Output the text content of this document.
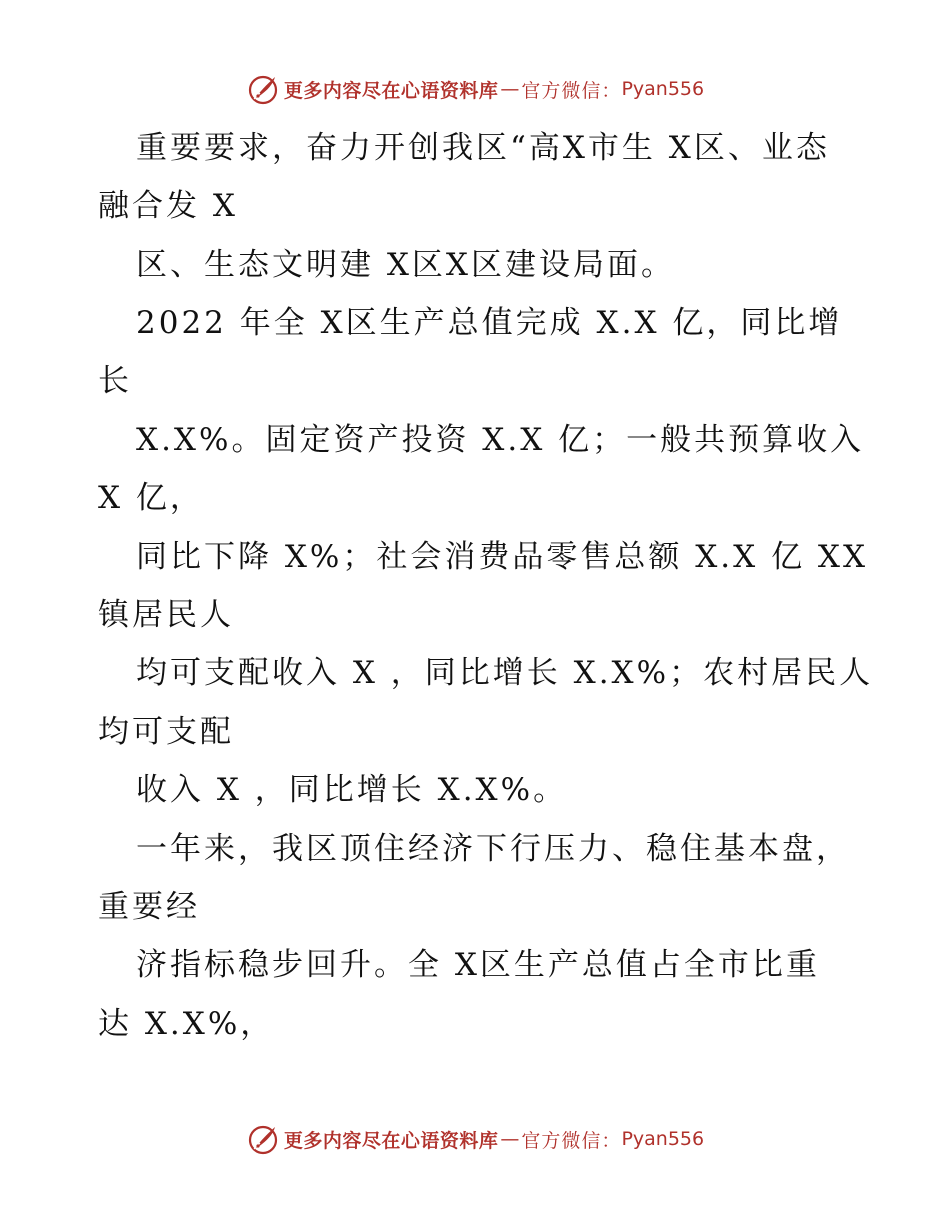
更多内容尽在心语资料库 — 官方微信： Pyan556
重要要求，奋力开创我区“高X市生 X区、业态
融合发 X
区、生态文明建 X区X区建设局面。
2022 年全 X区生产总值完成 X.X 亿，同比增
长
X.X%。固定资产投资 X.X 亿；一般共预算收入
X 亿，
同比下降 X%；社会消费品零售总额 X.X 亿 XX
镇居民人
均可支配收入 X ，同比增长 X.X%；农村居民人
均可支配
收入 X ，同比增长 X.X%。
一年来，我区顶住经济下行压力、稳住基本盘，
重要经
济指标稳步回升。全 X区生产总值占全市比重
达 X.X%，
更多内容尽在心语资料库 — 官方微信： Pyan556
